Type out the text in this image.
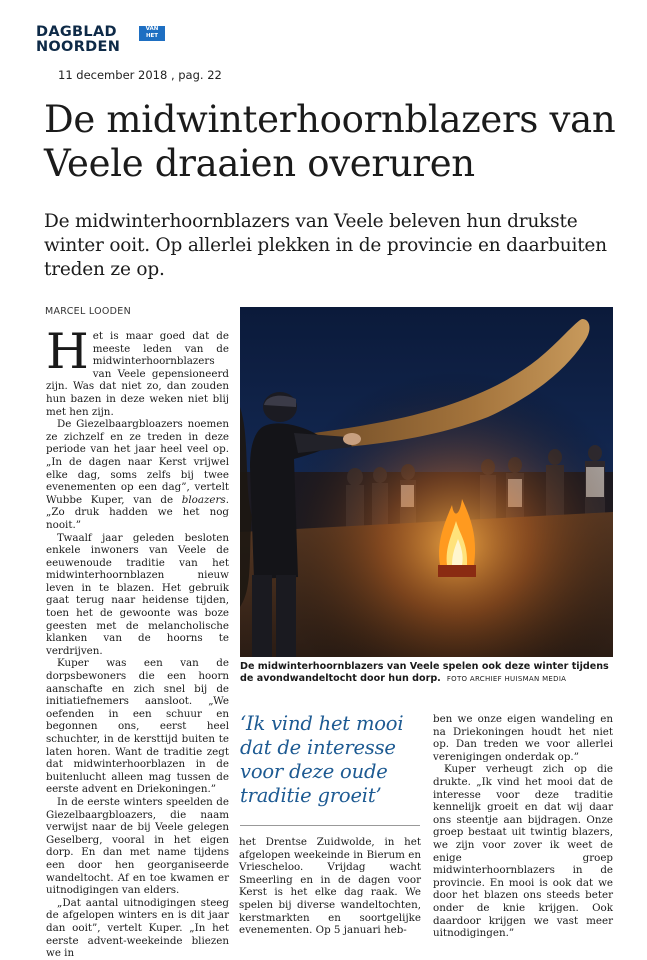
DAGBLAD	VAN HET
NOORDEN
11 december 2018 , pag. 22
De midwinterhoornblazers van Veele draaien overuren

De midwinterhoornblazers van Veele beleven hun drukste winter ooit. Op allerlei plekken in de provincie en daarbuiten treden ze op.

MARCEL LOODEN

Het is maar goed dat de meeste leden van de midwinterhoornblazers van Veele gepensioneerd zijn. Was dat niet zo, dan zouden hun bazen in deze weken niet blij met hen zijn.

De Giezelbaargbloazers noemen ze zichzelf en ze treden in deze periode van het jaar heel veel op. „In de dagen naar Kerst vrijwel elke dag, soms zelfs bij twee evenementen op een dag”, vertelt Wubbe Kuper, van de bloazers. „Zo druk hadden we het nog nooit.”

Twaalf jaar geleden besloten enkele inwoners van Veele de eeuwenoude traditie van het midwinterhoornblazen nieuw leven in te blazen. Het gebruik gaat terug naar heidense tijden, toen het de gewoonte was boze geesten met de melancholische klanken van de hoorns te verdrijven.

Kuper was een van de dorpsbewoners die een hoorn aanschafte en zich snel bij de initiatiefnemers aansloot. „We oefenden in een schuur en begonnen ons, eerst heel schuchter, in de kersttijd buiten te laten horen. Want de traditie zegt dat midwinterhoorblazen in de buitenlucht alleen mag tussen de eerste advent en Driekoningen.”

In de eerste winters speelden de Giezelbaargbloazers, die naam verwijst naar de bij Veele gelegen Geselberg, vooral in het eigen dorp. En dan met name tijdens een door hen georganiseerde wandeltocht. Af en toe kwamen er uitnodigingen van elders.

„Dat aantal uitnodigingen steeg de afgelopen winters en is dit jaar dan ooit”, vertelt Kuper. „In het eerste advent-weekeinde bliezen we in

De midwinterhoornblazers van Veele spelen ook deze winter tijdens de avondwandeltocht door hun dorp. FOTO ARCHIEF HUISMAN MEDIA
‘Ik vind het mooi dat de interesse voor deze oude traditie groeit’

het Drentse Zuidwolde, in het afgelopen weekeinde in Bierum en Vriescheloo. Vrijdag wacht Smeerling en in de dagen voor Kerst is het elke dag raak. We spelen bij diverse wandeltochten, kerstmarkten en soortgelijke evenementen. Op 5 januari heb-

ben we onze eigen wandeling en na Driekoningen houdt het niet op. Dan treden we voor allerlei verenigingen onderdak op.”

Kuper verheugt zich op die drukte. „Ik vind het mooi dat de interesse voor deze traditie kennelijk groeit en dat wij daar ons steentje aan bijdragen. Onze groep bestaat uit twintig blazers, we zijn voor zover ik weet de enige groep midwinterhoornblazers in de provincie. En mooi is ook dat we door het blazen ons steeds beter onder de knie krijgen. Ook daardoor krijgen we vast meer uitnodigingen.”
